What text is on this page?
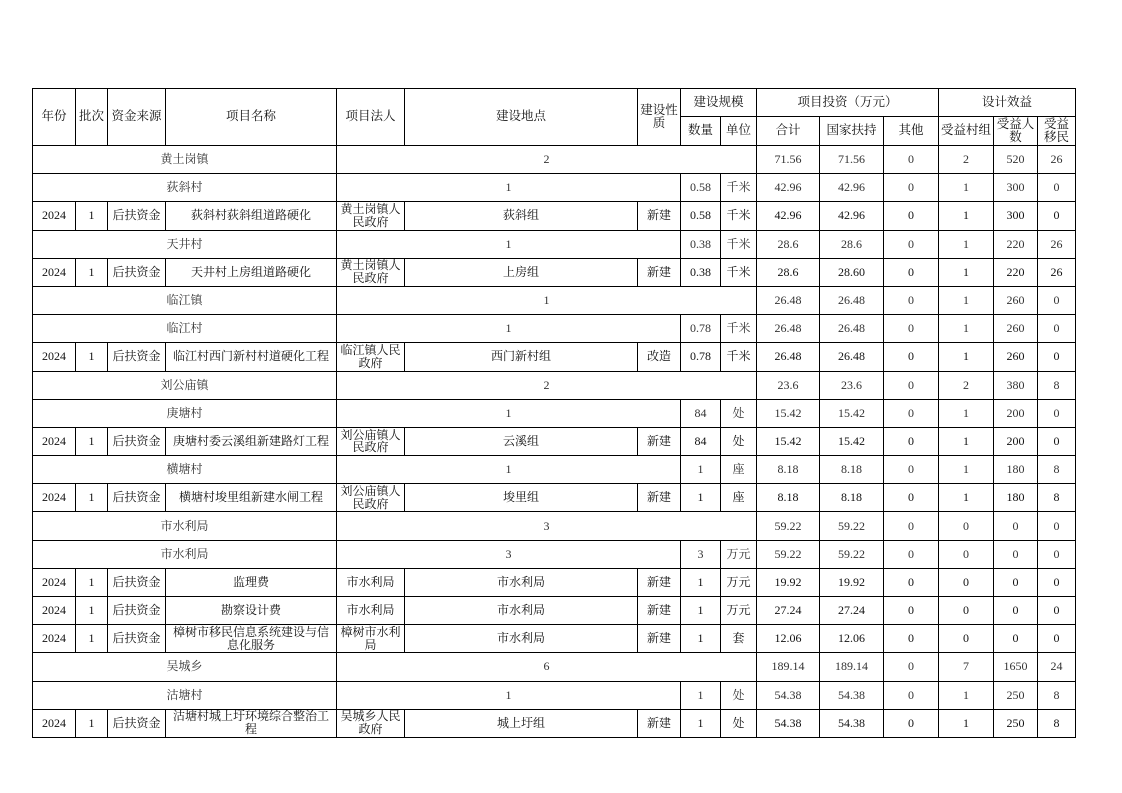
年份	批次	资金来源	项目名称	项目法人	建设地点	建设性质	建设规模		项目投资（万元）			设计效益		
							数量	单位	合计	国家扶持	其他	受益村组	受益人数	受益移民
黄土岗镇				2					71.56	71.56	0	2	520	26
荻斜村				1			0.58	千米	42.96	42.96	0	1	300	0
2024	1	后扶资金	荻斜村荻斜组道路硬化	黄土岗镇人民政府	荻斜组	新建	0.58	千米	42.96	42.96	0	1	300	0
天井村				1			0.38	千米	28.6	28.6	0	1	220	26
2024	1	后扶资金	天井村上房组道路硬化	黄土岗镇人民政府	上房组	新建	0.38	千米	28.6	28.60	0	1	220	26
临江镇				1					26.48	26.48	0	1	260	0
临江村				1			0.78	千米	26.48	26.48	0	1	260	0
2024	1	后扶资金	临江村西门新村村道硬化工程	临江镇人民政府	西门新村组	改造	0.78	千米	26.48	26.48	0	1	260	0
刘公庙镇				2					23.6	23.6	0	2	380	8
庚塘村				1			84	处	15.42	15.42	0	1	200	0
2024	1	后扶资金	庚塘村委云溪组新建路灯工程	刘公庙镇人民政府	云溪组	新建	84	处	15.42	15.42	0	1	200	0
横塘村				1			1	座	8.18	8.18	0	1	180	8
2024	1	后扶资金	横塘村埈里组新建水闸工程	刘公庙镇人民政府	埈里组	新建	1	座	8.18	8.18	0	1	180	8
市水利局				3					59.22	59.22	0	0	0	0
市水利局				3			3	万元	59.22	59.22	0	0	0	0
2024	1	后扶资金	监理费	市水利局	市水利局	新建	1	万元	19.92	19.92	0	0	0	0
2024	1	后扶资金	勘察设计费	市水利局	市水利局	新建	1	万元	27.24	27.24	0	0	0	0
2024	1	后扶资金	樟树市移民信息系统建设与信息化服务	樟树市水利局	市水利局	新建	1	套	12.06	12.06	0	0	0	0
吴城乡				6					189.14	189.14	0	7	1650	24
沽塘村				1			1	处	54.38	54.38	0	1	250	8
2024	1	后扶资金	沽塘村城上圩环境综合整治工程	吴城乡人民政府	城上圩组	新建	1	处	54.38	54.38	0	1	250	8
